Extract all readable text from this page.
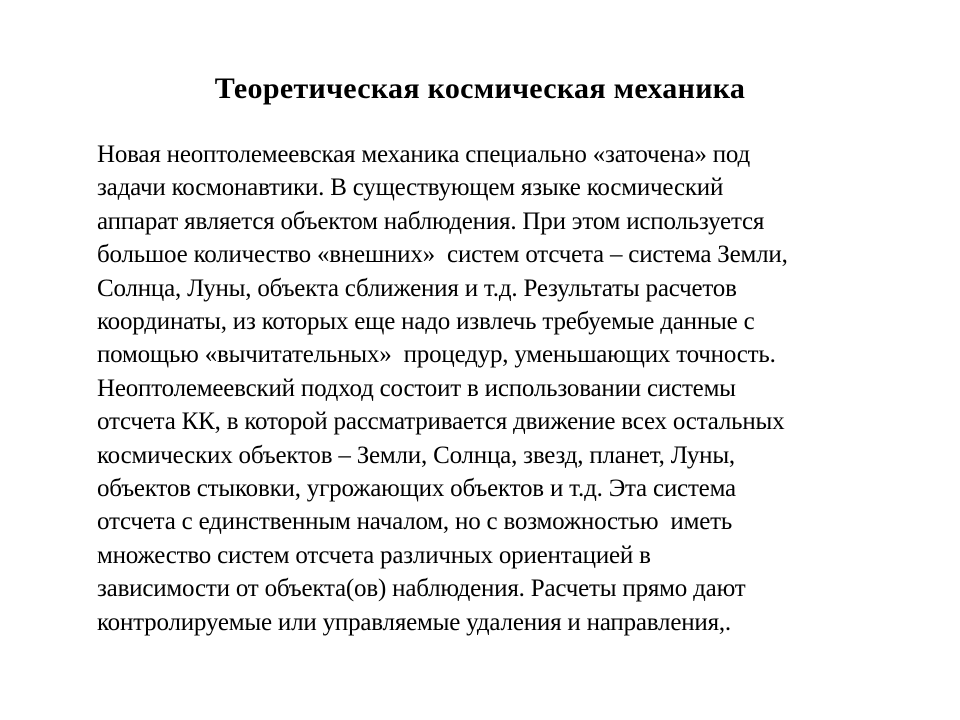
Теоретическая космическая механика
Новая неоптолемеевская механика специально «заточена» под
задачи космонавтики. В существующем языке космический
аппарат является объектом наблюдения. При этом используется
большое количество «внешних»  систем отсчета – система Земли,
Солнца, Луны, объекта сближения и т.д. Результаты расчетов
координаты, из которых еще надо извлечь требуемые данные с
помощью «вычитательных»  процедур, уменьшающих точность.
Неоптолемеевский подход состоит в использовании системы
отсчета КК, в которой рассматривается движение всех остальных
космических объектов – Земли, Солнца, звезд, планет, Луны,
объектов стыковки, угрожающих объектов и т.д. Эта система
отсчета с единственным началом, но с возможностью  иметь
множество систем отсчета различных ориентацией в
зависимости от объекта(ов) наблюдения. Расчеты прямо дают
контролируемые или управляемые удаления и направления,.
